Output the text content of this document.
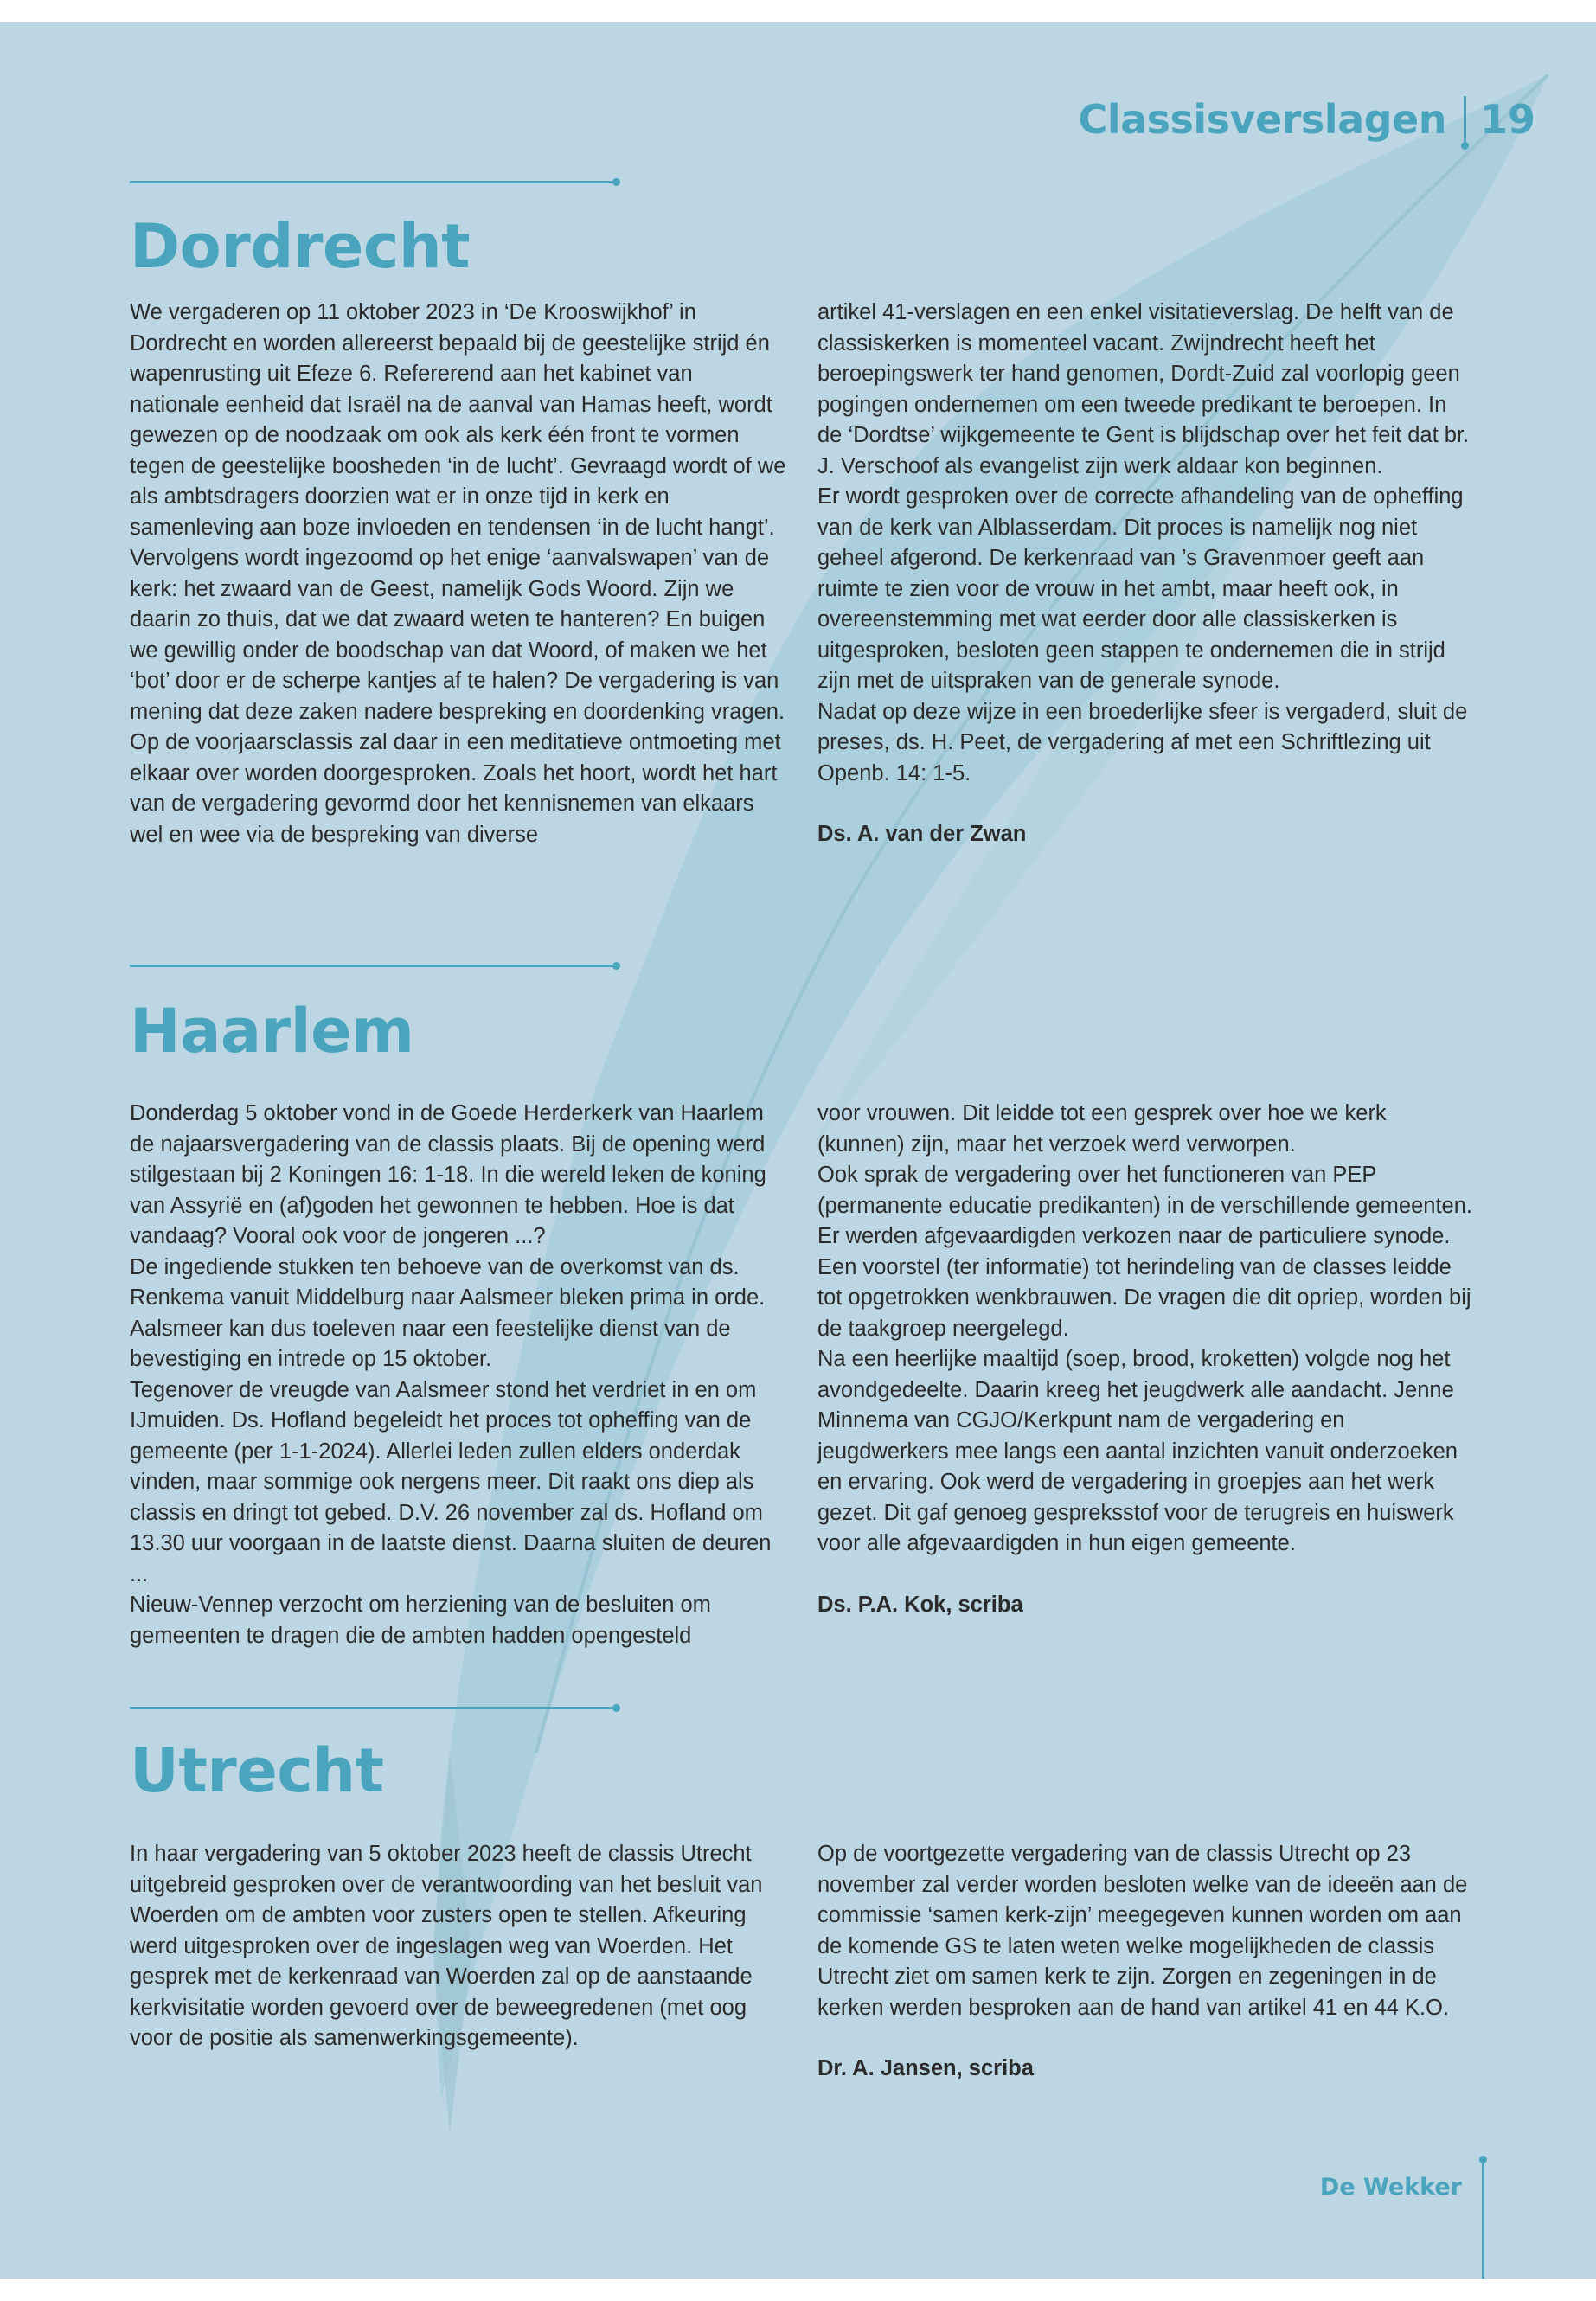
Classisverslagen 19
Dordrecht

We vergaderen op 11 oktober 2023 in ‘De Krooswijkhof’ in Dordrecht en worden allereerst bepaald bij de geestelijke strijd én wapenrusting uit Efeze 6. Refererend aan het kabinet van nationale eenheid dat Israël na de aanval van Hamas heeft, wordt gewezen op de noodzaak om ook als kerk één front te vormen tegen de geestelijke boosheden ‘in de lucht’. Gevraagd wordt of we als ambtsdragers doorzien wat er in onze tijd in kerk en samenleving aan boze invloeden en tendensen ‘in de lucht hangt’. Vervolgens wordt ingezoomd op het enige ‘aanvalswapen’ van de kerk: het zwaard van de Geest, namelijk Gods Woord. Zijn we daarin zo thuis, dat we dat zwaard weten te hanteren? En buigen we gewillig onder de boodschap van dat Woord, of maken we het ‘bot’ door er de scherpe kantjes af te halen? De vergadering is van mening dat deze zaken nadere bespreking en doordenking vragen. Op de voorjaarsclassis zal daar in een meditatieve ontmoeting met elkaar over worden doorgesproken. Zoals het hoort, wordt het hart van de vergadering gevormd door het kennisnemen van elkaars wel en wee via de bespreking van diverse

artikel 41-verslagen en een enkel visitatieverslag. De helft van de classiskerken is momenteel vacant. Zwijndrecht heeft het beroepingswerk ter hand genomen, Dordt-Zuid zal voorlopig geen pogingen ondernemen om een tweede predikant te beroepen. In de ‘Dordtse’ wijkgemeente te Gent is blijdschap over het feit dat br. J. Verschoof als evangelist zijn werk aldaar kon beginnen.

Er wordt gesproken over de correcte afhandeling van de opheffing van de kerk van Alblasserdam. Dit proces is namelijk nog niet geheel afgerond. De kerkenraad van ’s Gravenmoer geeft aan ruimte te zien voor de vrouw in het ambt, maar heeft ook, in overeenstemming met wat eerder door alle classiskerken is uitgesproken, besloten geen stappen te ondernemen die in strijd zijn met de uitspraken van de generale synode.

Nadat op deze wijze in een broederlijke sfeer is vergaderd, sluit de preses, ds. H. Peet, de vergadering af met een Schriftlezing uit Openb. 14: 1-5.

Ds. A. van der Zwan

Haarlem

Donderdag 5 oktober vond in de Goede Herderkerk van Haarlem de najaarsvergadering van de classis plaats. Bij de opening werd stilgestaan bij 2 Koningen 16: 1-18. In die wereld leken de koning van Assyrië en (af)goden het gewonnen te hebben. Hoe is dat vandaag? Vooral ook voor de jongeren ...?

De ingediende stukken ten behoeve van de overkomst van ds. Renkema vanuit Middelburg naar Aalsmeer bleken prima in orde. Aalsmeer kan dus toeleven naar een feestelijke dienst van de bevestiging en intrede op 15 oktober.

Tegenover de vreugde van Aalsmeer stond het verdriet in en om IJmuiden. Ds. Hofland begeleidt het proces tot opheffing van de gemeente (per 1-1-2024). Allerlei leden zullen elders onderdak vinden, maar sommige ook nergens meer. Dit raakt ons diep als classis en dringt tot gebed. D.V. 26 november zal ds. Hofland om 13.30 uur voorgaan in de laatste dienst. Daarna sluiten de deuren ...

Nieuw-Vennep verzocht om herziening van de besluiten om gemeenten te dragen die de ambten hadden opengesteld

voor vrouwen. Dit leidde tot een gesprek over hoe we kerk (kunnen) zijn, maar het verzoek werd verworpen.

Ook sprak de vergadering over het functioneren van PEP (permanente educatie predikanten) in de verschillende gemeenten. Er werden afgevaardigden verkozen naar de particuliere synode. Een voorstel (ter informatie) tot herindeling van de classes leidde tot opgetrokken wenkbrauwen. De vragen die dit opriep, worden bij de taakgroep neergelegd.

Na een heerlijke maaltijd (soep, brood, kroketten) volgde nog het avondgedeelte. Daarin kreeg het jeugdwerk alle aandacht. Jenne Minnema van CGJO/Kerkpunt nam de vergadering en jeugdwerkers mee langs een aantal inzichten vanuit onderzoeken en ervaring. Ook werd de vergadering in groepjes aan het werk gezet. Dit gaf genoeg gespreksstof voor de terugreis en huiswerk voor alle afgevaardigden in hun eigen gemeente.

Ds. P.A. Kok, scriba

Utrecht

In haar vergadering van 5 oktober 2023 heeft de classis Utrecht uitgebreid gesproken over de verantwoording van het besluit van Woerden om de ambten voor zusters open te stellen. Afkeuring werd uitgesproken over de ingeslagen weg van Woerden. Het gesprek met de kerkenraad van Woerden zal op de aanstaande kerkvisitatie worden gevoerd over de beweegredenen (met oog voor de positie als samenwerkingsgemeente).

Op de voortgezette vergadering van de classis Utrecht op 23 november zal verder worden besloten welke van de ideeën aan de commissie ‘samen kerk-zijn’ meegegeven kunnen worden om aan de komende GS te laten weten welke mogelijkheden de classis Utrecht ziet om samen kerk te zijn. Zorgen en zegeningen in de kerken werden besproken aan de hand van artikel 41 en 44 K.O.

Dr. A. Jansen, scriba

De Wekker
